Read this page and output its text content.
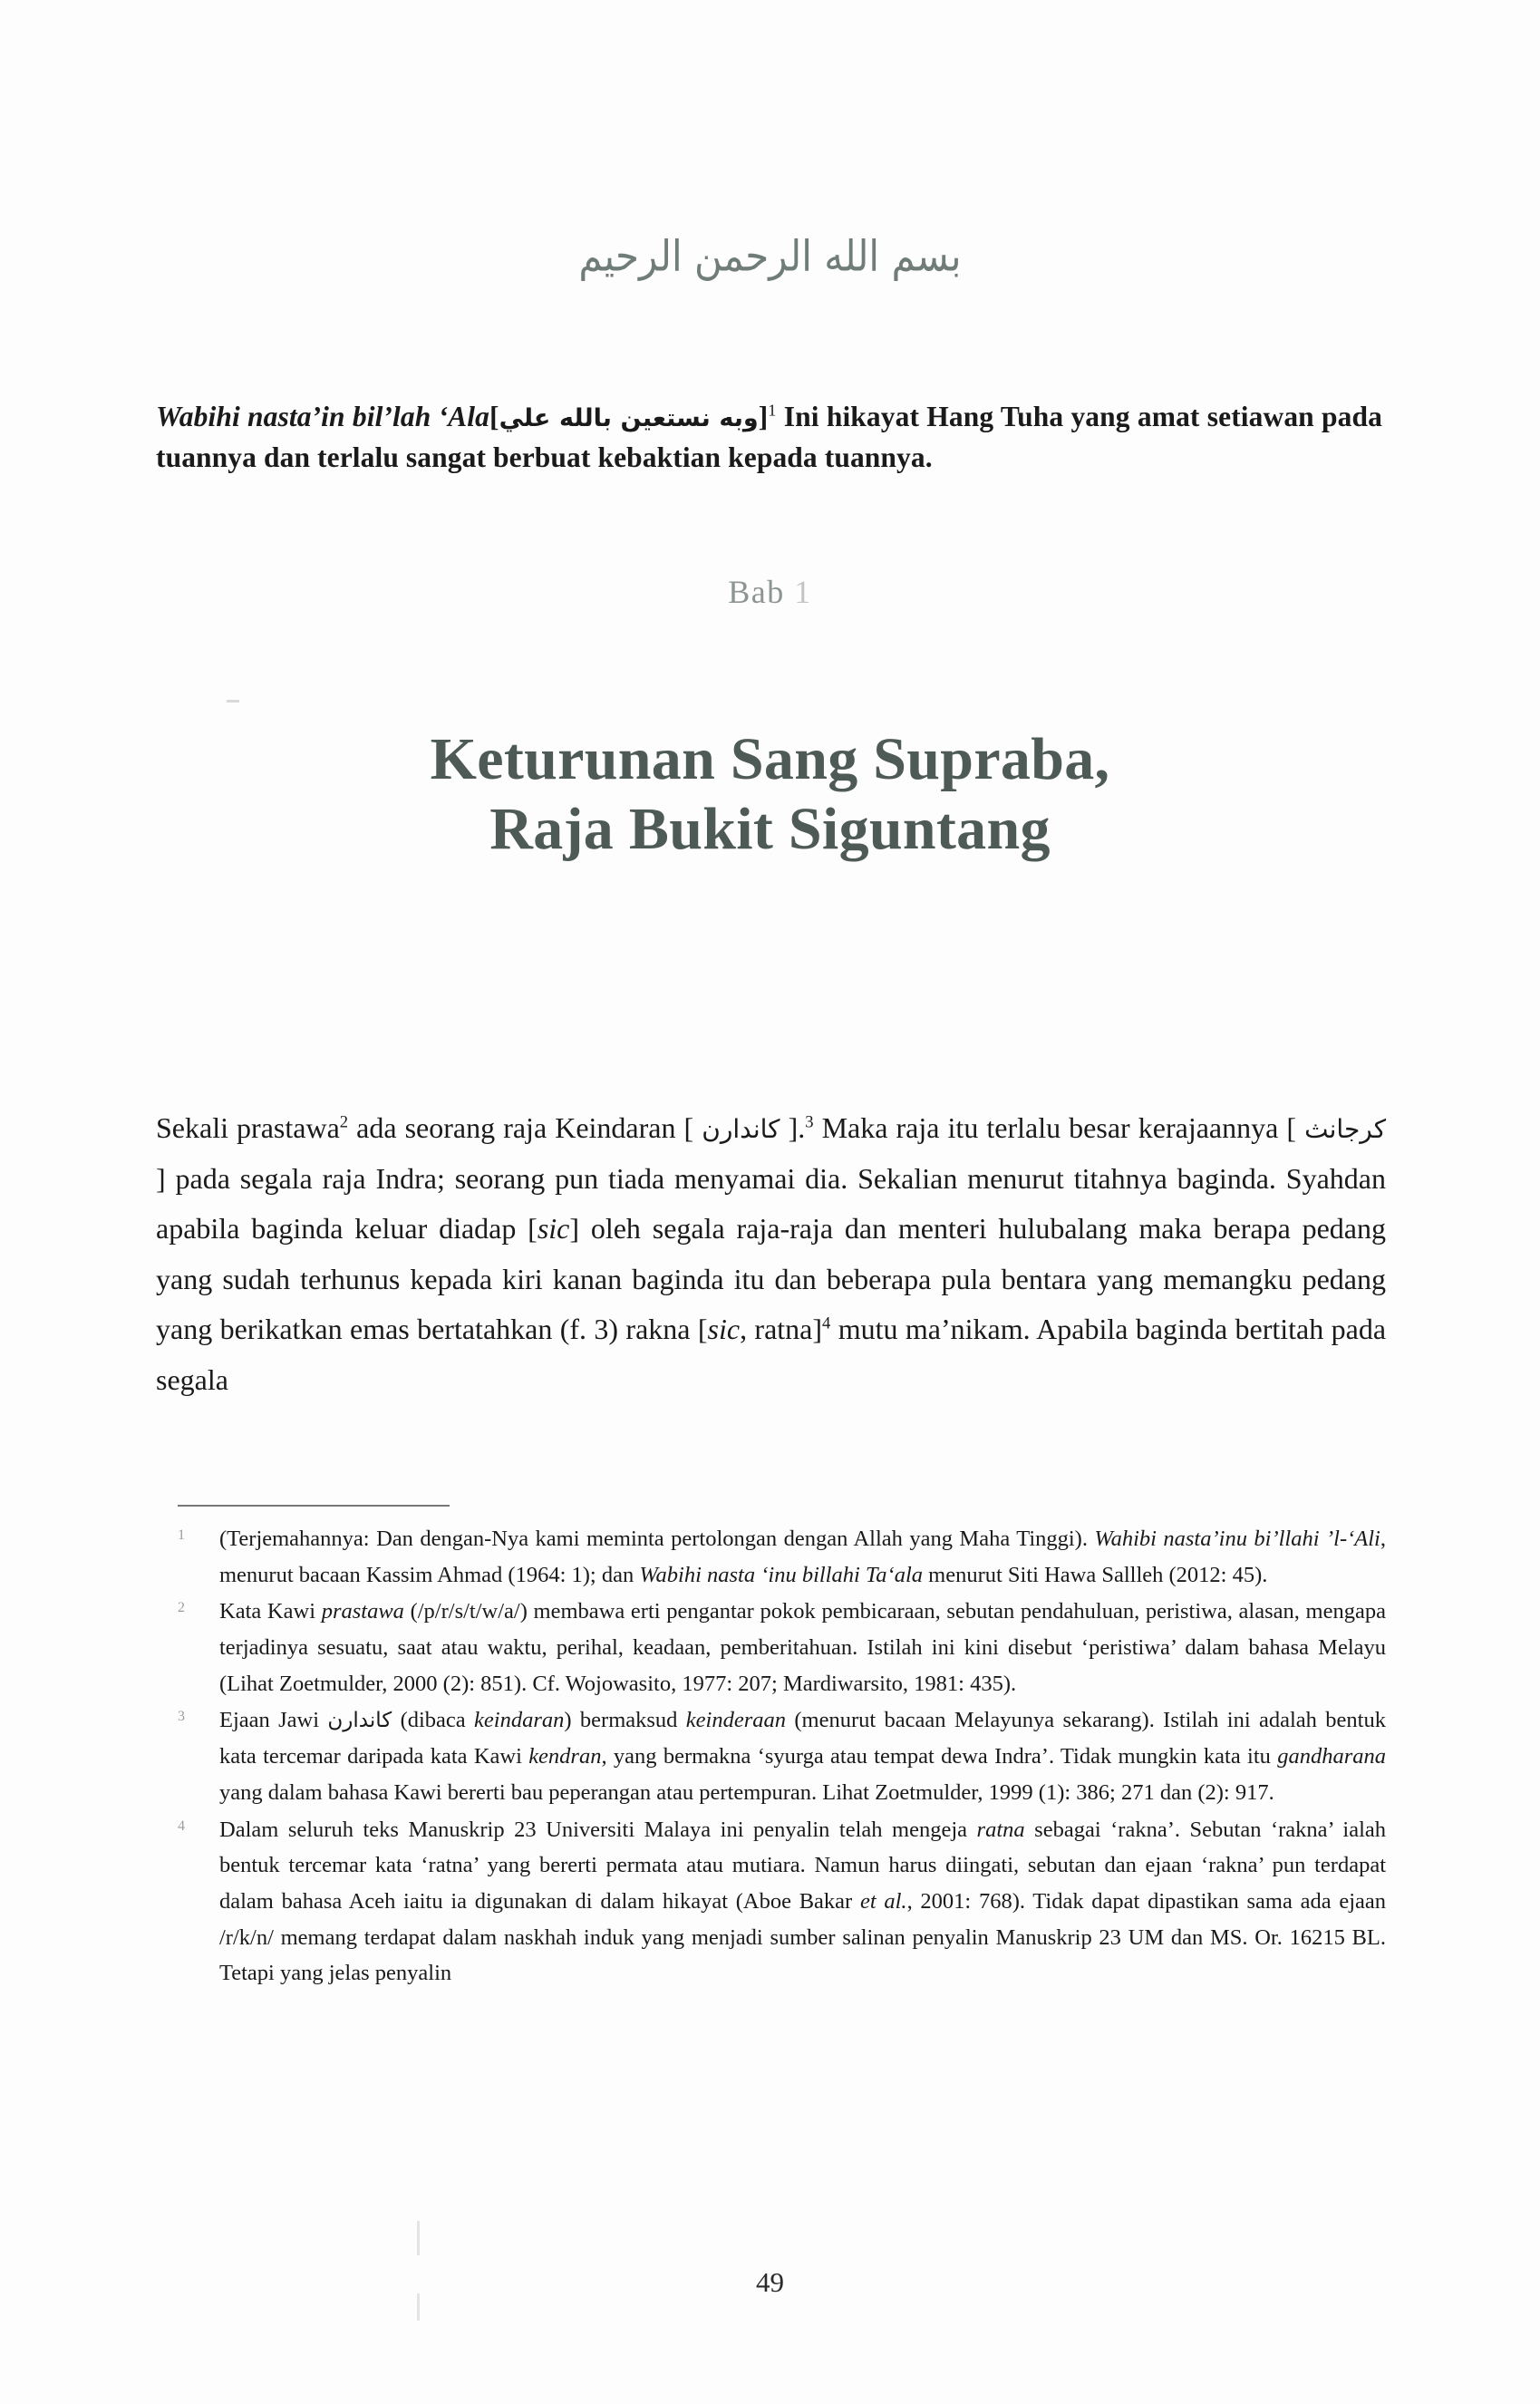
بسم الله الرحمن الرحيم

Wabihi nasta’in bil’lah ‘Ala[وبه نستعين بالله علي]$^1$ Ini hikayat Hang Tuha yang amat setiawan pada tuannya dan terlalu sangat berbuat kebaktian kepada tuannya.

Bab 1
Keturunan Sang Supraba,
Raja Bukit Siguntang

Sekali prastawa$^2$ ada seorang raja Keindaran [ كاندارن ].$^3$ Maka raja itu terlalu besar kerajaannya [ كرجانث ] pada segala raja Indra; seorang pun tiada menyamai dia. Sekalian menurut titahnya baginda. Syahdan apabila baginda keluar diadap [sic] oleh segala raja-raja dan menteri hulubalang maka berapa pedang yang sudah terhunus kepada kiri kanan baginda itu dan beberapa pula bentara yang memangku pedang yang berikatkan emas bertatahkan (f. 3) rakna [sic, ratna]$^4$ mutu ma’nikam. Apabila baginda bertitah pada segala

1	(Terjemahannya: Dan dengan-Nya kami meminta pertolongan dengan Allah yang Maha Tinggi). Wahibi nasta’inu bi’llahi ’l-‘Ali, menurut bacaan Kassim Ahmad (1964: 1); dan Wabihi nasta ‘inu billahi Ta‘ala menurut Siti Hawa Sallleh (2012: 45).
2	Kata Kawi prastawa (/p/r/s/t/w/a/) membawa erti pengantar pokok pembicaraan, sebutan pendahuluan, peristiwa, alasan, mengapa terjadinya sesuatu, saat atau waktu, perihal, keadaan, pemberitahuan. Istilah ini kini disebut ‘peristiwa’ dalam bahasa Melayu (Lihat Zoetmulder, 2000 (2): 851). Cf. Wojowasito, 1977: 207; Mardiwarsito, 1981: 435).
3	Ejaan Jawi كاندارن (dibaca keindaran) bermaksud keinderaan (menurut bacaan Melayunya sekarang). Istilah ini adalah bentuk kata tercemar daripada kata Kawi kendran, yang bermakna ‘syurga atau tempat dewa Indra’. Tidak mungkin kata itu gandharana yang dalam bahasa Kawi bererti bau peperangan atau pertempuran. Lihat Zoetmulder, 1999 (1): 386; 271 dan (2): 917.
4	Dalam seluruh teks Manuskrip 23 Universiti Malaya ini penyalin telah mengeja ratna sebagai ‘rakna’. Sebutan ‘rakna’ ialah bentuk tercemar kata ‘ratna’ yang bererti permata atau mutiara. Namun harus diingati, sebutan dan ejaan ‘rakna’ pun terdapat dalam bahasa Aceh iaitu ia digunakan di dalam hikayat (Aboe Bakar et al., 2001: 768). Tidak dapat dipastikan sama ada ejaan /r/k/n/ memang terdapat dalam naskhah induk yang menjadi sumber salinan penyalin Manuskrip 23 UM dan MS. Or. 16215 BL. Tetapi yang jelas penyalin
49
